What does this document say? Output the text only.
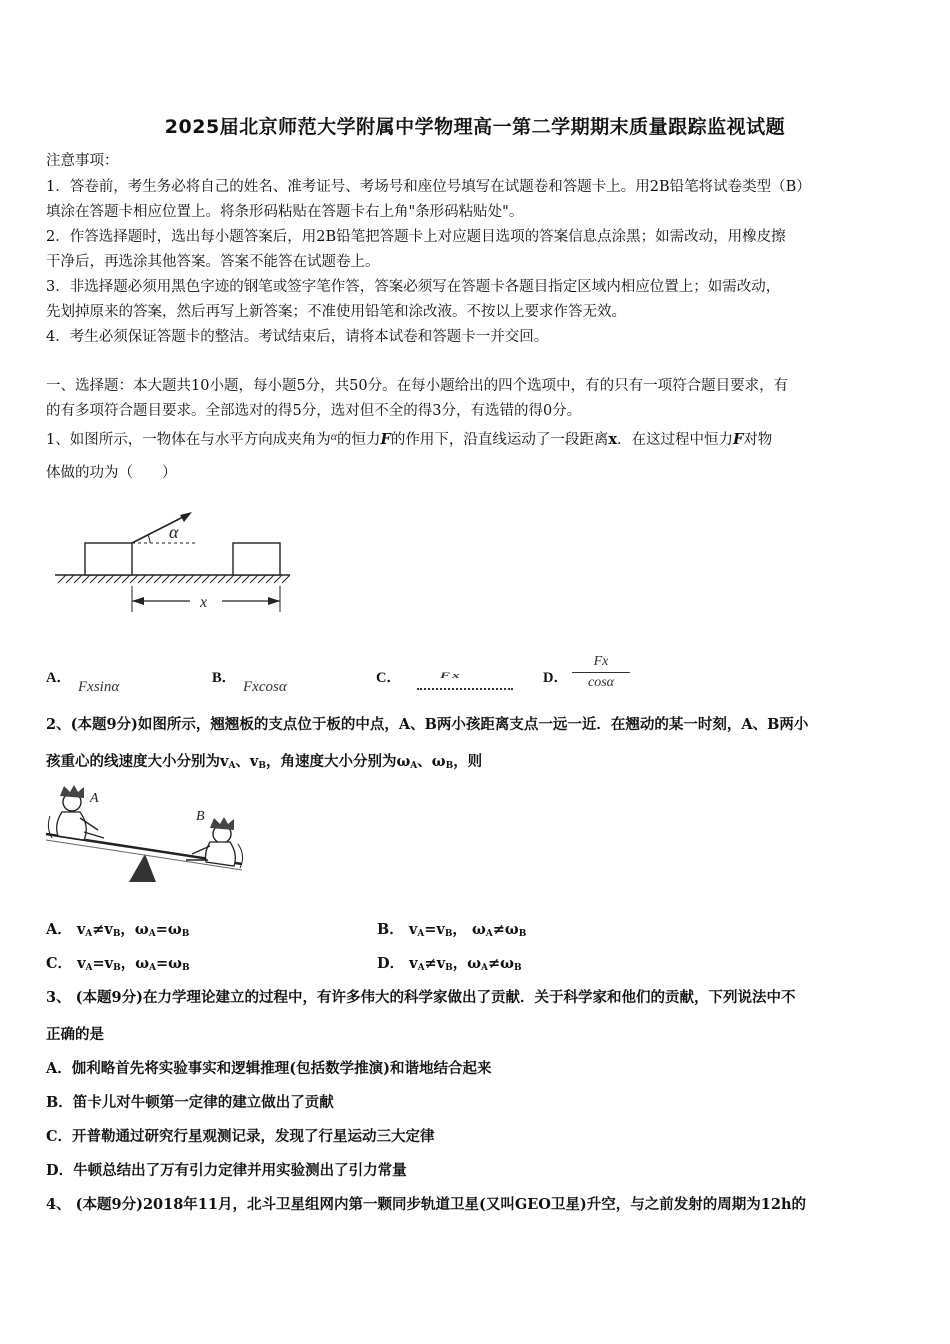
2025届北京师范大学附属中学物理高一第二学期期末质量跟踪监视试题
注意事项：
1．答卷前，考生务必将自己的姓名、准考证号、考场号和座位号填写在试题卷和答题卡上。用2B铅笔将试卷类型（B）
填涂在答题卡相应位置上。将条形码粘贴在答题卡右上角"条形码粘贴处"。
2．作答选择题时，选出每小题答案后，用2B铅笔把答题卡上对应题目选项的答案信息点涂黑；如需改动，用橡皮擦
干净后，再选涂其他答案。答案不能答在试题卷上。
3．非选择题必须用黑色字迹的钢笔或签字笔作答，答案必须写在答题卡各题目指定区域内相应位置上；如需改动，
先划掉原来的答案，然后再写上新答案；不准使用铅笔和涂改液。不按以上要求作答无效。
4．考生必须保证答题卡的整洁。考试结束后，请将本试卷和答题卡一并交回。
一、选择题：本大题共10小题，每小题5分，共50分。在每小题给出的四个选项中，有的只有一项符合题目要求，有
的有多项符合题目要求。全部选对的得5分，选对但不全的得3分，有选错的得0分。
1、如图所示，一物体在与水平方向成夹角为$^\alpha$的恒力F的作用下，沿直线运动了一段距离x．在这过程中恒力F对物
体做的功为（　　）
α
x
A．
Fxsinα
B．
Fxcosα
C．	Fx	D．
Fx
cosα
2、(本题9分)如图所示，翘翘板的支点位于板的中点，A、B两小孩距离支点一远一近．在翘动的某一时刻，A、B两小
孩重心的线速度大小分别为$v_A$、$v_B$，角速度大小分别为$\omega_A$、$\omega_B$，则
A
B
A． $v_A\ne v_B$，$\omega_A=\omega_B$	B． $v_A=v_B$， $\omega_A\ne\omega_B$
C． $v_A=v_B$，$\omega_A=\omega_B$	D． $v_A\ne v_B$，$\omega_A\ne\omega_B$
3、 (本题9分)在力学理论建立的过程中，有许多伟大的科学家做出了贡献．关于科学家和他们的贡献，下列说法中不
正确的是
A．伽利略首先将实验事实和逻辑推理(包括数学推演)和谐地结合起来
B．笛卡儿对牛顿第一定律的建立做出了贡献
C．开普勒通过研究行星观测记录，发现了行星运动三大定律
D．牛顿总结出了万有引力定律并用实验测出了引力常量
4、 (本题9分)2018年11月，北斗卫星组网内第一颗同步轨道卫星(又叫GEO卫星)升空，与之前发射的周期为12h的
